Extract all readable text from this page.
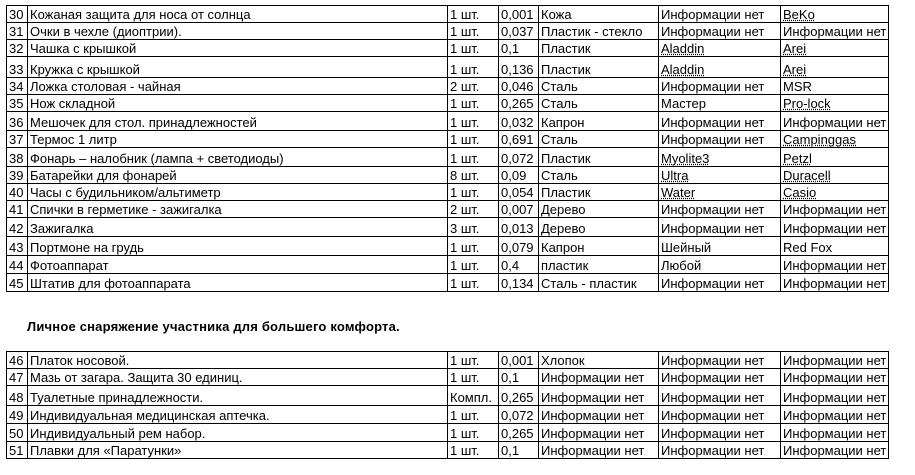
30	Кожаная защита для носа от солнца	1 шт.	0,001	Кожа	Информации нет	BeKo
31	Очки в чехле (диоптрии).	1 шт.	0,037	Пластик - стекло	Информации нет	Информации нет
32	Чашка с крышкой	1 шт.	0,1	Пластик	Aladdin	Arei
33	Кружка с крышкой	1 шт.	0,136	Пластик	Aladdin	Arei
34	Ложка столовая - чайная	2 шт.	0,046	Сталь	Информации нет	MSR
35	Нож складной	1 шт.	0,265	Сталь	Мастер	Pro-lock
36	Мешочек для стол. принадлежностей	1 шт.	0,032	Капрон	Информации нет	Информации нет
37	Термос 1 литр	1 шт.	0,691	Сталь	Информации нет	Campinggas
38	Фонарь – налобник (лампа + светодиоды)	1 шт.	0,072	Пластик	Myolite3	Petzl
39	Батарейки для фонарей	8 шт.	0,09	Сталь	Ultra	Duracell
40	Часы с будильником/альтиметр	1 шт.	0,054	Пластик	Water	Casio
41	Спички в герметике - зажигалка	2 шт.	0,007	Дерево	Информации нет	Информации нет
42	Зажигалка	3 шт.	0,013	Дерево	Информации нет	Информации нет
43	Портмоне на грудь	1 шт.	0,079	Капрон	Шейный	Red Fox
44	Фотоаппарат	1 шт.	0,4	пластик	Любой	Информации нет
45	Штатив для фотоаппарата	1 шт.	0,134	Сталь - пластик	Информации нет	Информации нет
Личное снаряжение участника для большего комфорта.
46	Платок носовой.	1 шт.	0,001	Хлопок	Информации нет	Информации нет
47	Мазь от загара. Защита 30 единиц.	1 шт.	0,1	Информации нет	Информации нет	Информации нет
48	Туалетные принадлежности.	Компл.	0,265	Информации нет	Информации нет	Информации нет
49	Индивидуальная медицинская аптечка.	1 шт.	0,072	Информации нет	Информации нет	Информации нет
50	Индивидуальный рем набор.	1 шт.	0,265	Информации нет	Информации нет	Информации нет
51	Плавки для «Паратунки»	1 шт.	0,1	Информации нет	Информации нет	Информации нет
